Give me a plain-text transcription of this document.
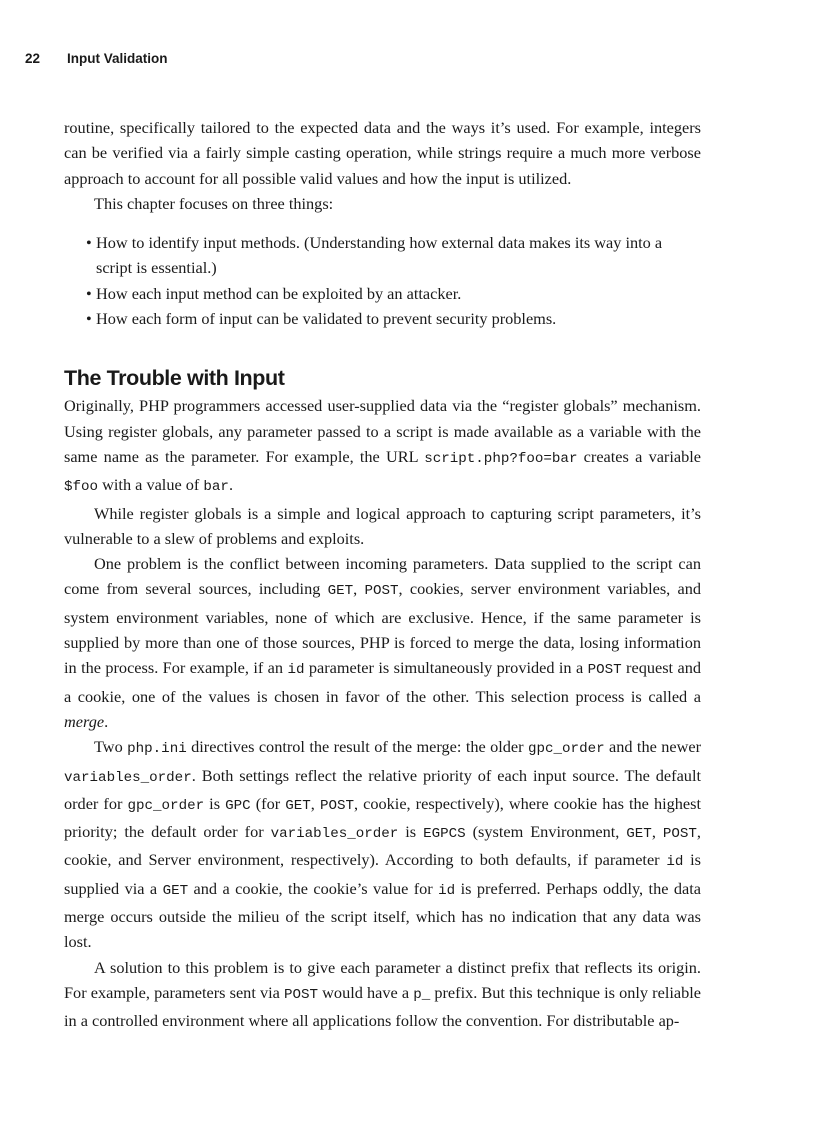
22 Input Validation

routine, specifically tailored to the expected data and the ways it’s used. For example, integers can be verified via a fairly simple casting operation, while strings require a much more verbose approach to account for all possible valid values and how the input is utilized.

This chapter focuses on three things:

• How to identify input methods. (Understanding how external data makes its way into a script is essential.)
• How each input method can be exploited by an attacker.
• How each form of input can be validated to prevent security problems.
The Trouble with Input

Originally, PHP programmers accessed user-supplied data via the “register globals” mechanism. Using register globals, any parameter passed to a script is made available as a variable with the same name as the parameter. For example, the URL script.php?foo=bar creates a variable $foo with a value of bar.

While register globals is a simple and logical approach to capturing script parameters, it’s vulnerable to a slew of problems and exploits.

One problem is the conflict between incoming parameters. Data supplied to the script can come from several sources, including GET, POST, cookies, server environment variables, and system environment variables, none of which are exclusive. Hence, if the same parameter is supplied by more than one of those sources, PHP is forced to merge the data, losing information in the process. For example, if an id parameter is simultaneously provided in a POST request and a cookie, one of the values is chosen in favor of the other. This selection process is called a merge.

Two php.ini directives control the result of the merge: the older gpc_order and the newer variables_order. Both settings reflect the relative priority of each input source. The default order for gpc_order is GPC (for GET, POST, cookie, respectively), where cookie has the highest priority; the default order for variables_order is EGPCS (system Environment, GET, POST, cookie, and Server environment, respectively). According to both defaults, if parameter id is supplied via a GET and a cookie, the cookie’s value for id is preferred. Perhaps oddly, the data merge occurs outside the milieu of the script itself, which has no indication that any data was lost.

A solution to this problem is to give each parameter a distinct prefix that reflects its origin. For example, parameters sent via POST would have a p_ prefix. But this technique is only reliable in a controlled environment where all applications follow the convention. For distributable ap-
